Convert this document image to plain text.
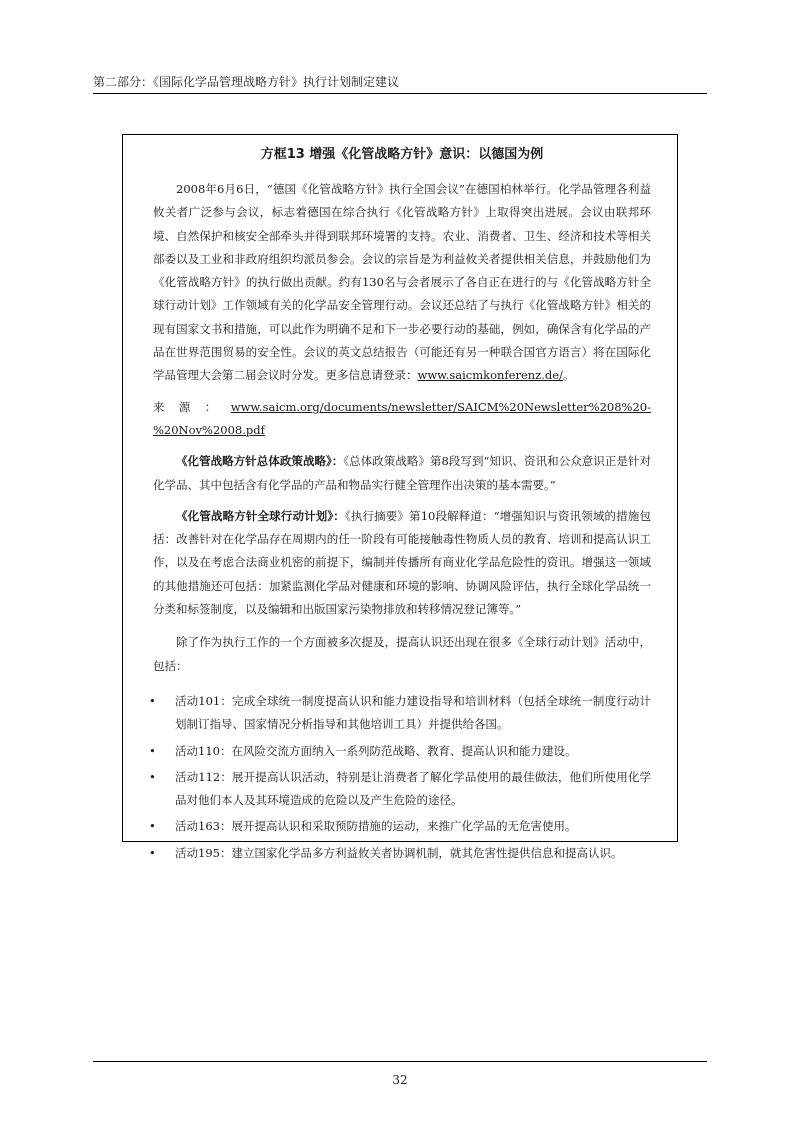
第二部分：《国际化学品管理战略方针》执行计划制定建议

方框13 增强《化管战略方针》意识：以德国为例

2008年6月6日，“德国《化管战略方针》执行全国会议”在德国柏林举行。化学品管理各利益攸关者广泛参与会议，标志着德国在综合执行《化管战略方针》上取得突出进展。会议由联邦环境、自然保护和核安全部牵头并得到联邦环境署的支持。农业、消费者、卫生、经济和技术等相关部委以及工业和非政府组织均派员参会。会议的宗旨是为利益攸关者提供相关信息，并鼓励他们为《化管战略方针》的执行做出贡献。约有130名与会者展示了各自正在进行的与《化管战略方针全球行动计划》工作领域有关的化学品安全管理行动。会议还总结了与执行《化管战略方针》相关的现有国家文书和措施，可以此作为明确不足和下一步必要行动的基础，例如，确保含有化学品的产品在世界范围贸易的安全性。会议的英文总结报告（可能还有另一种联合国官方语言）将在国际化学品管理大会第二届会议时分发。更多信息请登录：www.saicmkonferenz.de/。

来源：www.saicm.org/documents/newsletter/SAICM%20Newsletter%208%20-%20Nov%2008.pdf

《化管战略方针总体政策战略》：《总体政策战略》第8段写到“知识、资讯和公众意识正是针对化学品、其中包括含有化学品的产品和物品实行健全管理作出决策的基本需要。”

《化管战略方针全球行动计划》：《执行摘要》第10段解释道：“增强知识与资讯领域的措施包括：改善针对在化学品存在周期内的任一阶段有可能接触毒性物质人员的教育、培训和提高认识工作，以及在考虑合法商业机密的前提下，编制并传播所有商业化学品危险性的资讯。增强这一领域的其他措施还可包括：加紧监测化学品对健康和环境的影响、协调风险评估，执行全球化学品统一分类和标签制度，以及编辑和出版国家污染物排放和转移情况登记簿等。”

除了作为执行工作的一个方面被多次提及，提高认识还出现在很多《全球行动计划》活动中，包括：

• 活动101：完成全球统一制度提高认识和能力建设指导和培训材料（包括全球统一制度行动计划制订指导、国家情况分析指导和其他培训工具）并提供给各国。
• 活动110：在风险交流方面纳入一系列防范战略、教育、提高认识和能力建设。
• 活动112：展开提高认识活动，特别是让消费者了解化学品使用的最佳做法，他们所使用化学品对他们本人及其环境造成的危险以及产生危险的途径。
• 活动163：展开提高认识和采取预防措施的运动，来推广化学品的无危害使用。
• 活动195：建立国家化学品多方利益攸关者协调机制，就其危害性提供信息和提高认识。
32
